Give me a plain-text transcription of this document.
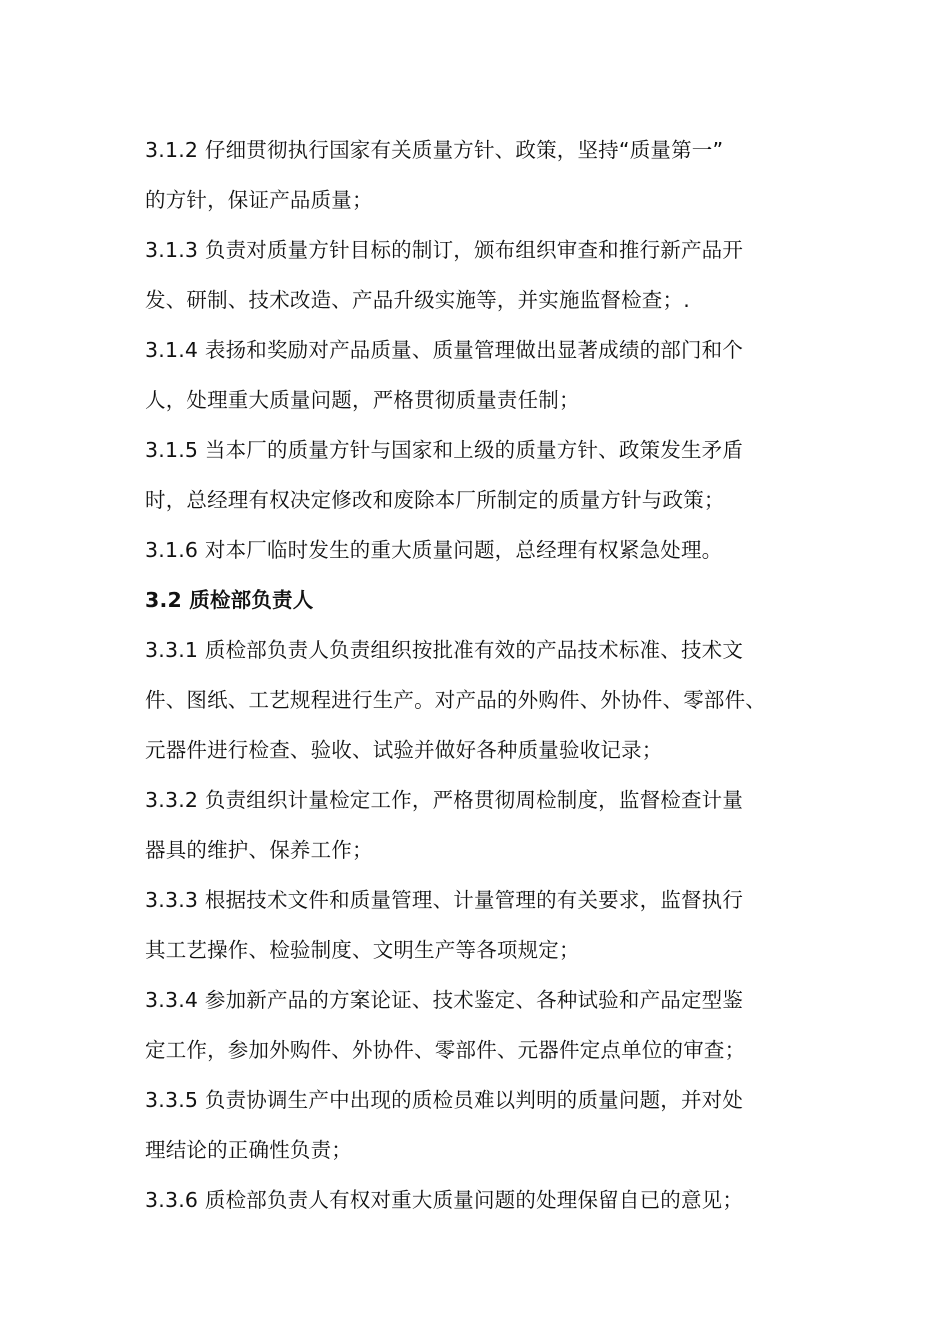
3.1.2 仔细贯彻执行国家有关质量方针、政策，坚持“质量第一”
的方针，保证产品质量；
3.1.3 负责对质量方针目标的制订，颁布组织审查和推行新产品开
发、研制、技术改造、产品升级实施等，并实施监督检查；.
3.1.4 表扬和奖励对产品质量、质量管理做出显著成绩的部门和个
人，处理重大质量问题，严格贯彻质量责任制；
3.1.5 当本厂的质量方针与国家和上级的质量方针、政策发生矛盾
时，总经理有权决定修改和废除本厂所制定的质量方针与政策；
3.1.6 对本厂临时发生的重大质量问题，总经理有权紧急处理。
3.2 质检部负责人
3.3.1 质检部负责人负责组织按批准有效的产品技术标准、技术文
件、图纸、工艺规程进行生产。对产品的外购件、外协件、零部件、
元器件进行检查、验收、试验并做好各种质量验收记录；
3.3.2 负责组织计量检定工作，严格贯彻周检制度，监督检查计量
器具的维护、保养工作；
3.3.3 根据技术文件和质量管理、计量管理的有关要求，监督执行
其工艺操作、检验制度、文明生产等各项规定；
3.3.4 参加新产品的方案论证、技术鉴定、各种试验和产品定型鉴
定工作，参加外购件、外协件、零部件、元器件定点单位的审查；
3.3.5 负责协调生产中出现的质检员难以判明的质量问题，并对处
理结论的正确性负责；
3.3.6 质检部负责人有权对重大质量问题的处理保留自已的意见；
